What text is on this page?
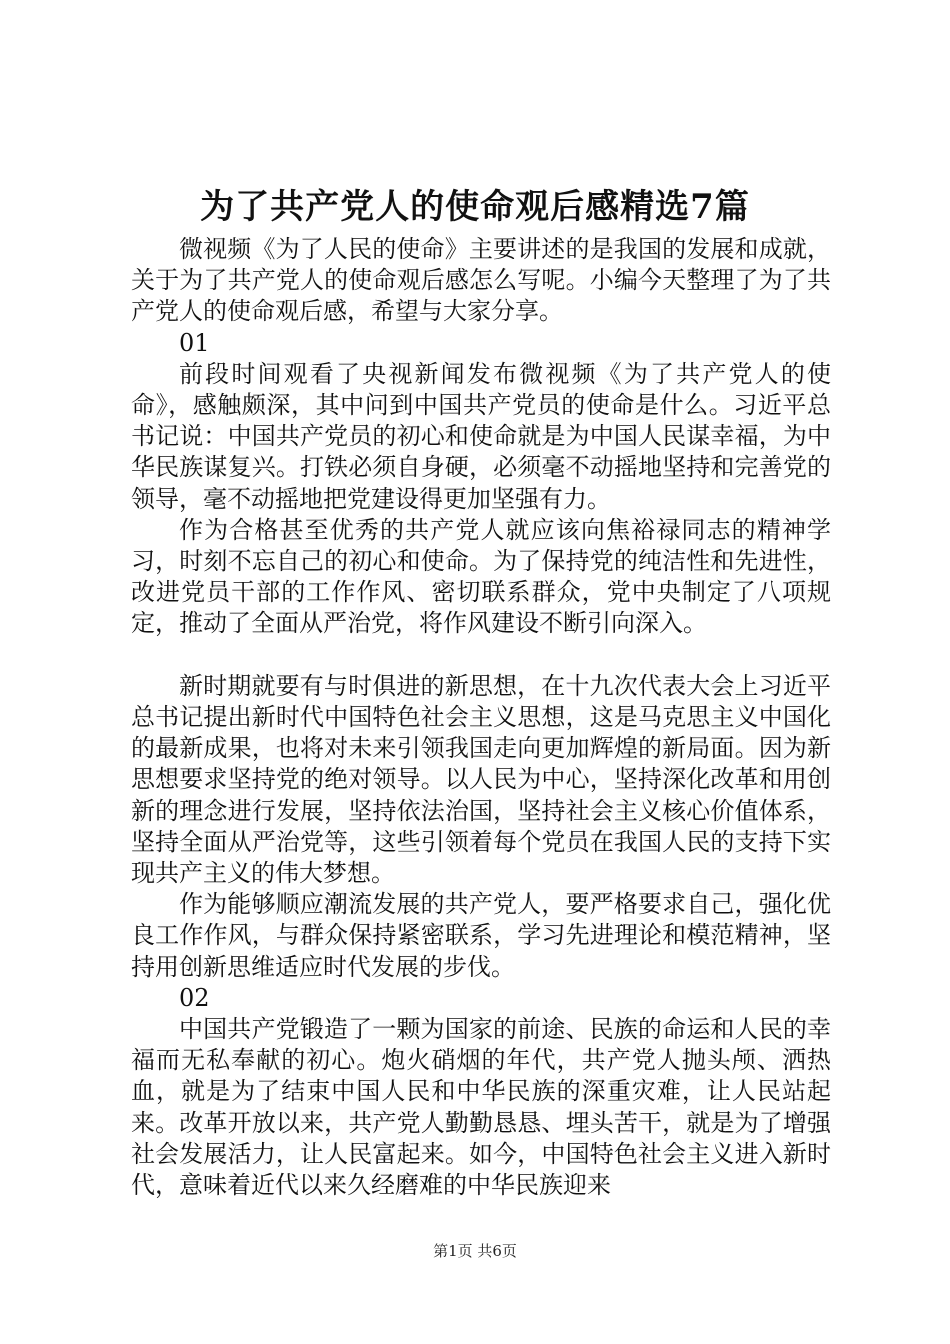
为了共产党人的使命观后感精选7篇

微视频《为了人民的使命》主要讲述的是我国的发展和成就，关于为了共产党人的使命观后感怎么写呢。小编今天整理了为了共产党人的使命观后感，希望与大家分享。

01

前段时间观看了央视新闻发布微视频《为了共产党人的使命》，感触颇深，其中问到中国共产党员的使命是什么。习近平总书记说：中国共产党员的初心和使命就是为中国人民谋幸福，为中华民族谋复兴。打铁必须自身硬，必须毫不动摇地坚持和完善党的领导，毫不动摇地把党建设得更加坚强有力。

作为合格甚至优秀的共产党人就应该向焦裕禄同志的精神学习，时刻不忘自己的初心和使命。为了保持党的纯洁性和先进性，改进党员干部的工作作风、密切联系群众，党中央制定了八项规定，推动了全面从严治党，将作风建设不断引向深入。

新时期就要有与时俱进的新思想，在十九次代表大会上习近平总书记提出新时代中国特色社会主义思想，这是马克思主义中国化的最新成果，也将对未来引领我国走向更加辉煌的新局面。因为新思想要求坚持党的绝对领导。以人民为中心，坚持深化改革和用创新的理念进行发展，坚持依法治国，坚持社会主义核心价值体系，坚持全面从严治党等，这些引领着每个党员在我国人民的支持下实现共产主义的伟大梦想。

作为能够顺应潮流发展的共产党人，要严格要求自己，强化优良工作作风，与群众保持紧密联系，学习先进理论和模范精神，坚持用创新思维适应时代发展的步伐。

02

中国共产党锻造了一颗为国家的前途、民族的命运和人民的幸福而无私奉献的初心。炮火硝烟的年代，共产党人抛头颅、洒热血，就是为了结束中国人民和中华民族的深重灾难，让人民站起来。改革开放以来，共产党人勤勤恳恳、埋头苦干，就是为了增强社会发展活力，让人民富起来。如今，中国特色社会主义进入新时代，意味着近代以来久经磨难的中华民族迎来

第1页 共6页
